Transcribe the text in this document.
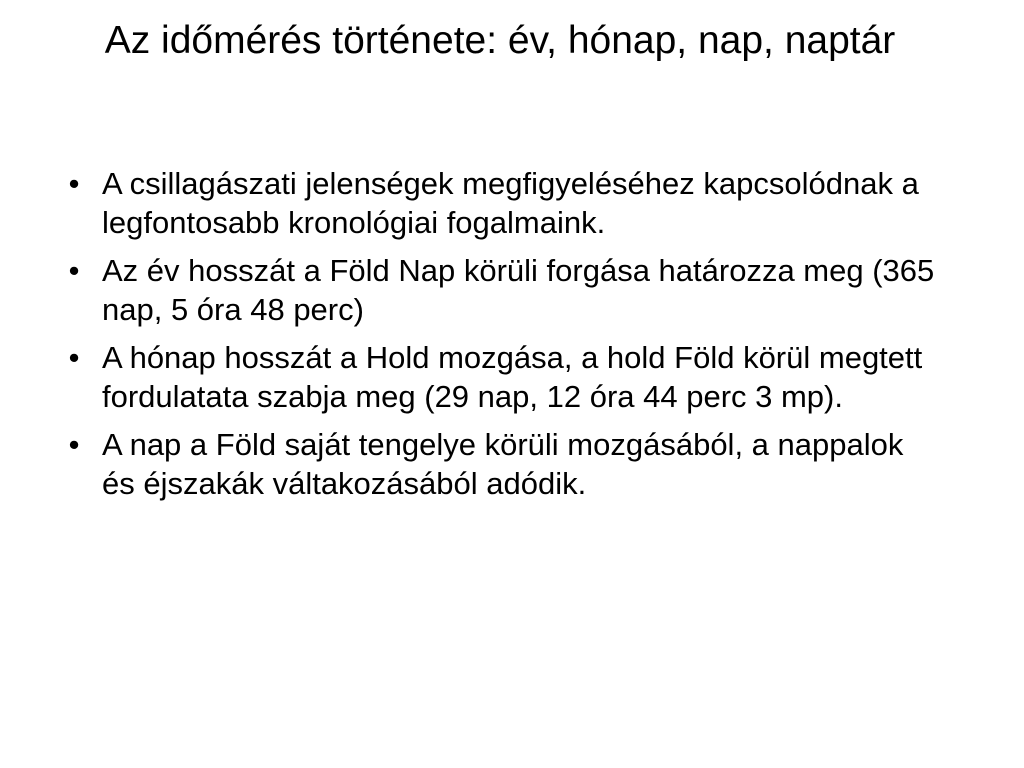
Az időmérés története: év, hónap, nap, naptár
• A csillagászati jelenségek megfigyeléséhez kapcsolódnak a legfontosabb kronológiai fogalmaink.
• Az év hosszát a Föld Nap körüli forgása határozza meg (365 nap, 5 óra 48 perc)
• A hónap hosszát a Hold mozgása, a hold Föld körül megtett fordulatata szabja meg (29 nap, 12 óra 44 perc 3 mp).
• A nap a Föld saját tengelye körüli mozgásából, a nappalok és éjszakák váltakozásából adódik.
